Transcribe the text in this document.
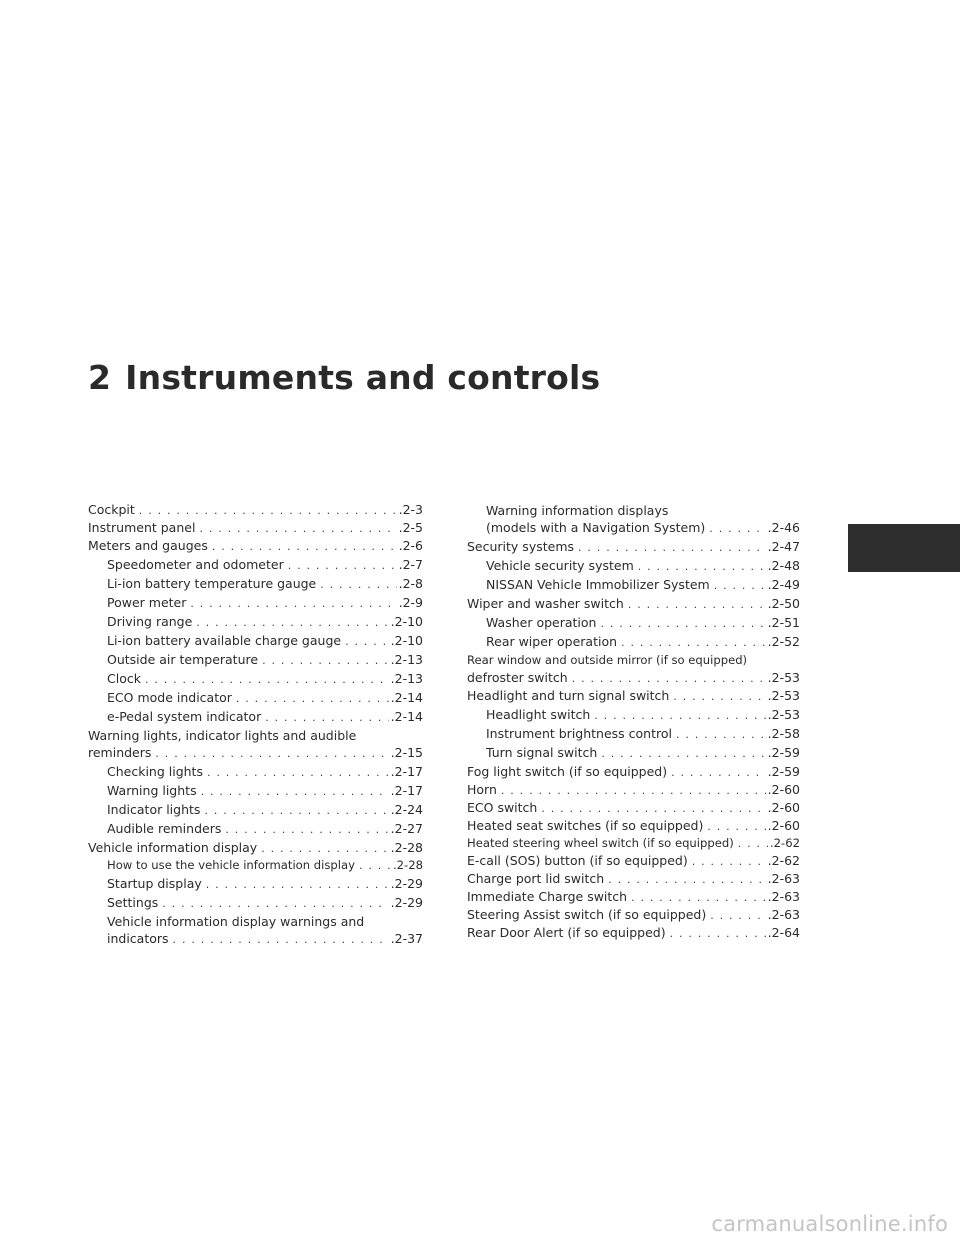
2 Instruments and controls
Cockpit . . .	.2-3
Instrument panel . . .	.2-5
Meters and gauges . . .	.2-6
Speedometer and odometer . . .	.2-7
Li-ion battery temperature gauge . . .	.2-8
Power meter . . .	.2-9
Driving range . . .	.2-10
Li-ion battery available charge gauge . . .	.2-10
Outside air temperature . . .	.2-13
Clock . . .	.2-13
ECO mode indicator . . .	.2-14
e-Pedal system indicator . . .	.2-14
Warning lights, indicator lights and audible
reminders . . .	.2-15
Checking lights . . .	.2-17
Warning lights . . .	.2-17
Indicator lights . . .	.2-24
Audible reminders . . .	.2-27
Vehicle information display . . .	.2-28
How to use the vehicle information display . . .	.2-28
Startup display . . .	.2-29
Settings . . .	.2-29
Vehicle information display warnings and
indicators . . .	.2-37
Warning information displays
(models with a Navigation System) . . .	.2-46
Security systems . . .	.2-47
Vehicle security system . . .	.2-48
NISSAN Vehicle Immobilizer System . . .	.2-49
Wiper and washer switch . . .	.2-50
Washer operation . . .	.2-51
Rear wiper operation . . .	.2-52
Rear window and outside mirror (if so equipped)
defroster switch . . .	.2-53
Headlight and turn signal switch . . .	.2-53
Headlight switch . . .	.2-53
Instrument brightness control . . .	.2-58
Turn signal switch . . .	.2-59
Fog light switch (if so equipped) . . .	.2-59
Horn . . .	.2-60
ECO switch . . .	.2-60
Heated seat switches (if so equipped) . . .	.2-60
Heated steering wheel switch (if so equipped) . . .	.2-62
E-call (SOS) button (if so equipped) . . .	.2-62
Charge port lid switch . . .	.2-63
Immediate Charge switch . . .	.2-63
Steering Assist switch (if so equipped) . . .	.2-63
Rear Door Alert (if so equipped) . . .	.2-64
carmanualsonline.info
